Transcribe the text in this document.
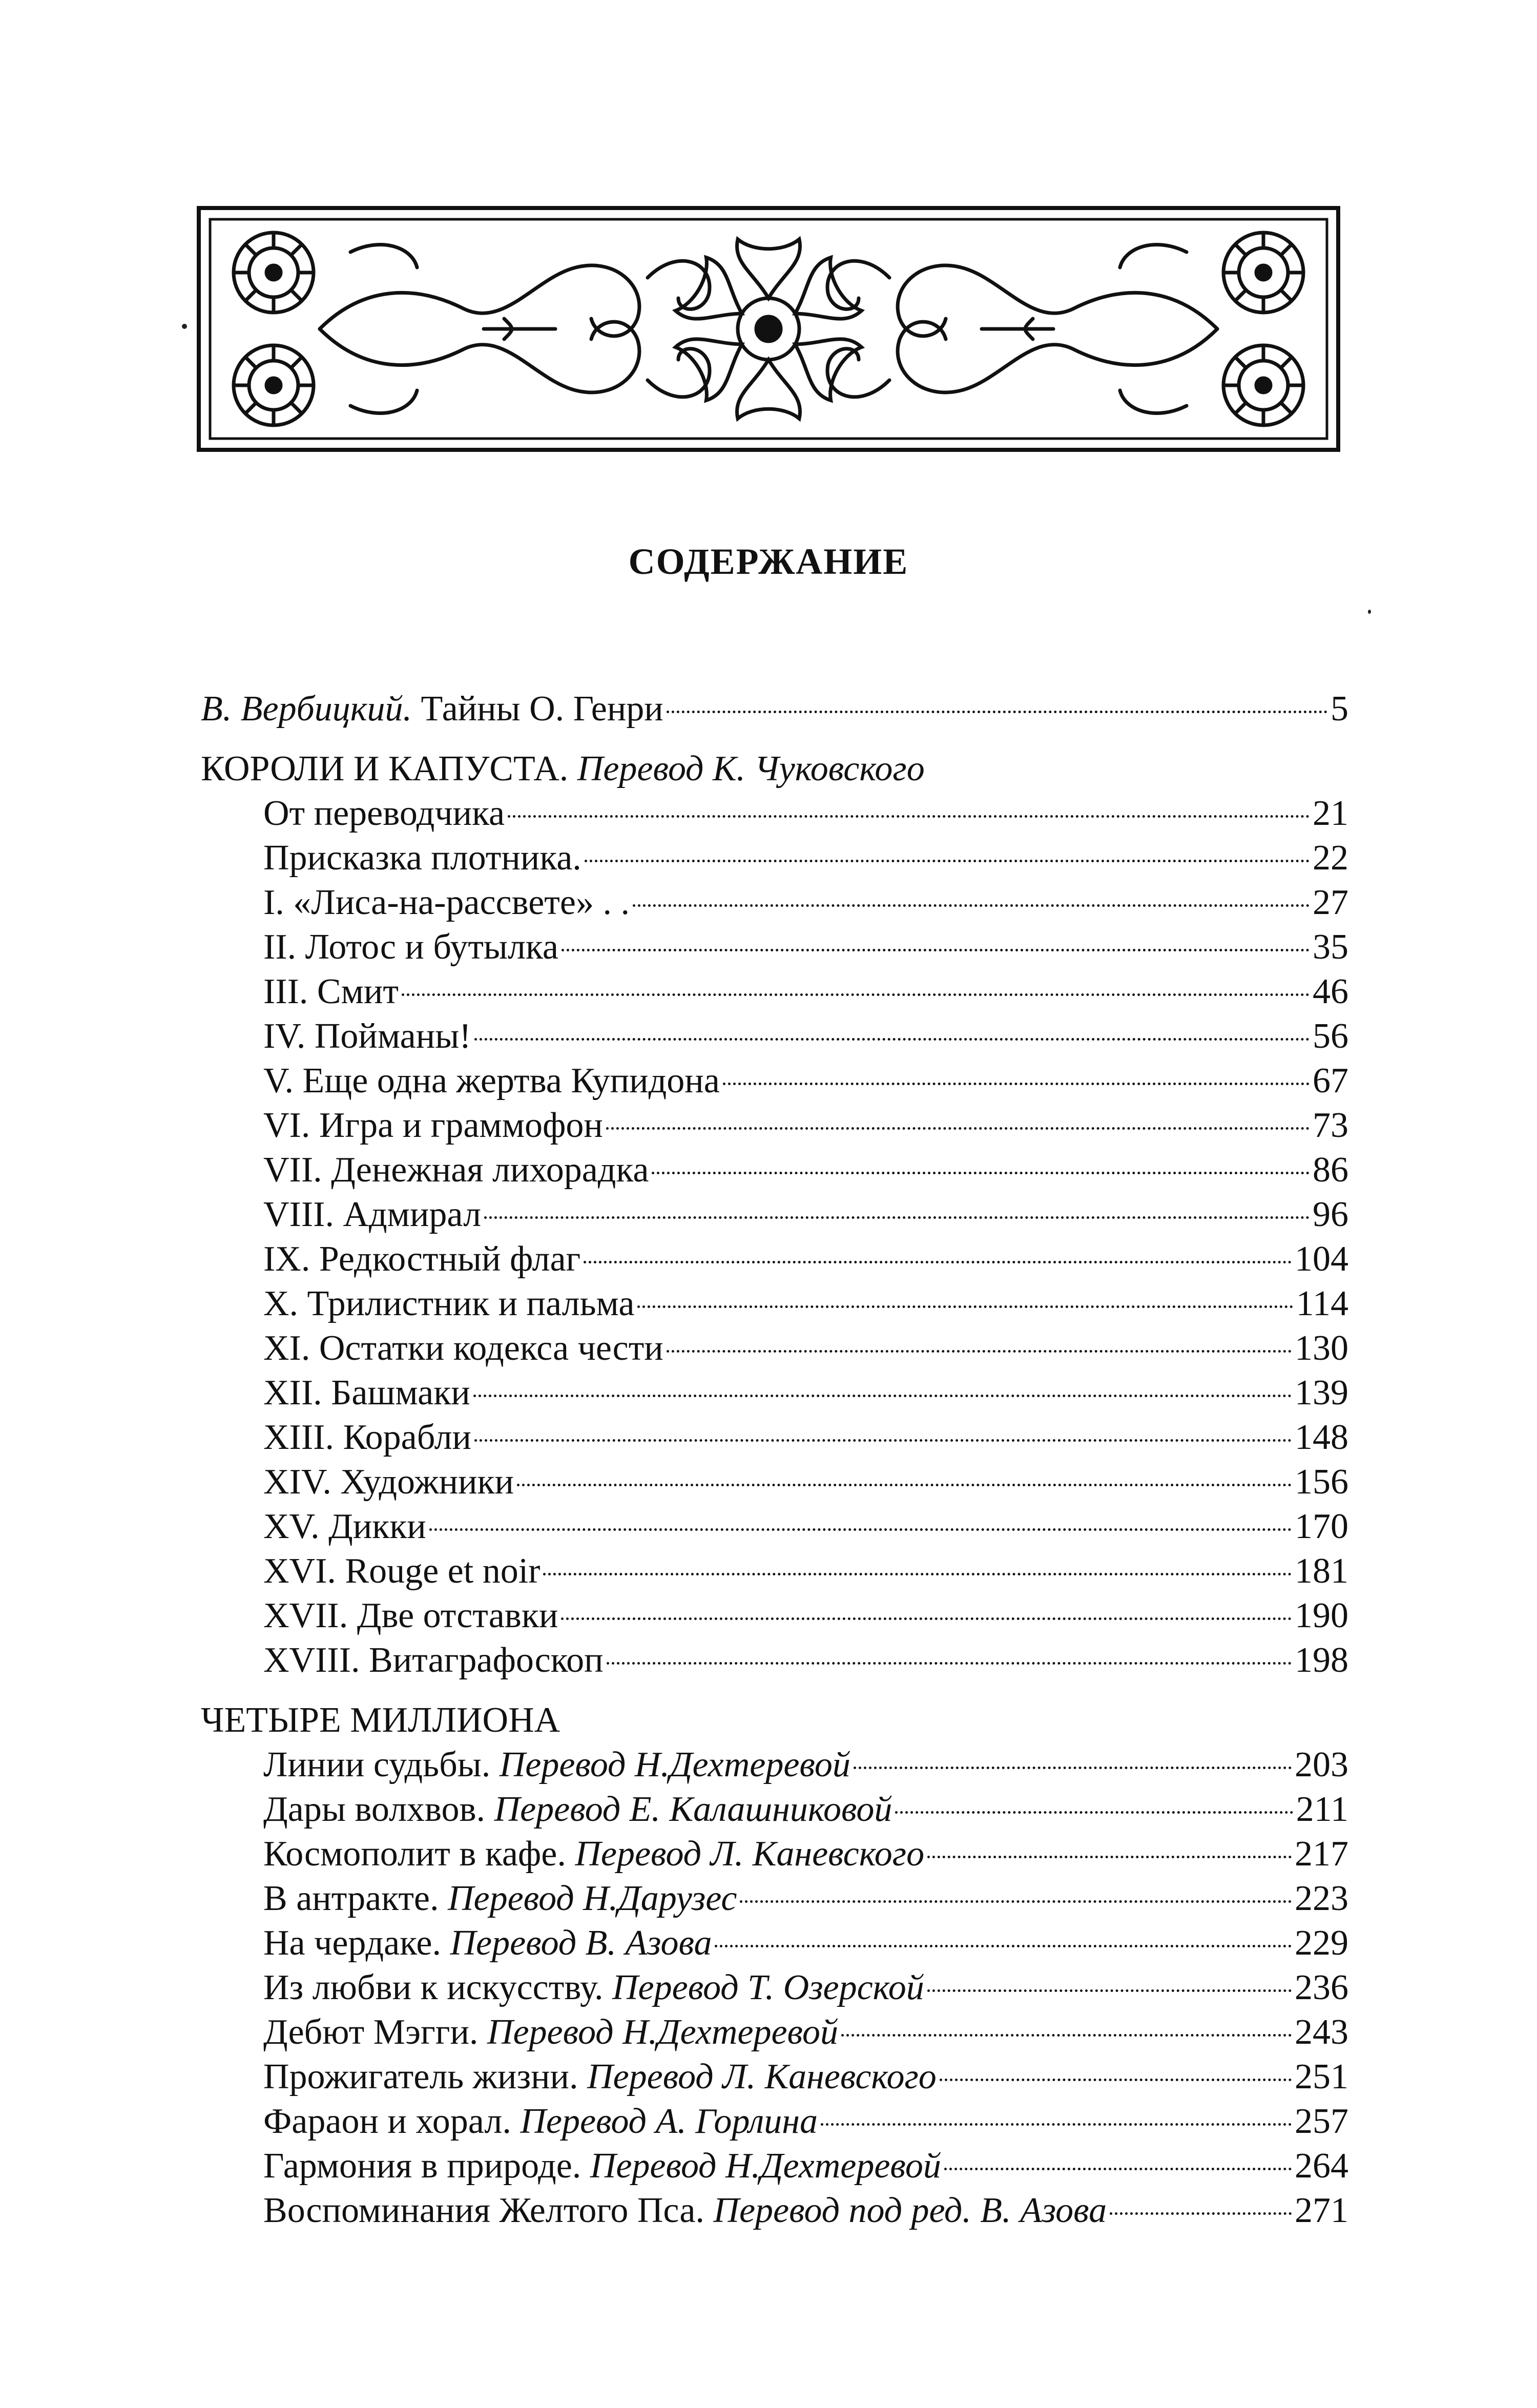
СОДЕРЖАНИЕ
В. Вербицкий. Тайны О. Генри	5
КОРОЛИ И КАПУСТА. Перевод К. Чуковского
От переводчика	21
Присказка плотника.	22
I. «Лиса-на-рассвете» . .	27
II. Лотос и бутылка	35
III. Смит	46
IV. Пойманы!	56
V. Еще одна жертва Купидона	67
VI. Игра и граммофон	73
VII. Денежная лихорадка	86
VIII. Адмирал	96
IX. Редкостный флаг	104
X. Трилистник и пальма	114
XI. Остатки кодекса чести	130
XII. Башмаки	139
XIII. Корабли	148
XIV. Художники	156
XV. Дикки	170
XVI. Rouge et noir	181
XVII. Две отставки	190
XVIII. Витаграфоскоп	198
ЧЕТЫРЕ МИЛЛИОНА
Линии судьбы. Перевод Н.Дехтеревой	203
Дары волхвов. Перевод Е. Калашниковой	211
Космополит в кафе. Перевод Л. Каневского	217
В антракте. Перевод Н.Дарузес	223
На чердаке. Перевод В. Азова	229
Из любви к искусству. Перевод Т. Озерской	236
Дебют Мэгги. Перевод Н.Дехтеревой	243
Прожигатель жизни. Перевод Л. Каневского	251
Фараон и хорал. Перевод А. Горлина	257
Гармония в природе. Перевод Н.Дехтеревой	264
Воспоминания Желтого Пса. Перевод под ред. В. Азова	271
